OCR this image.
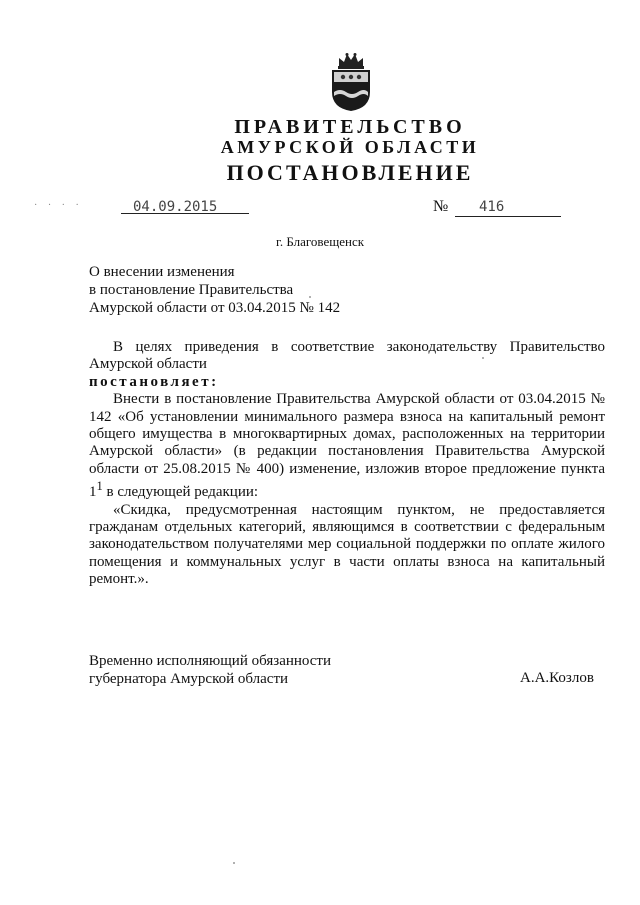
ПРАВИТЕЛЬСТВО
АМУРСКОЙ ОБЛАСТИ
ПОСТАНОВЛЕНИЕ
· · · ·	04.09.2015	№ 416
г. Благовещенск
О внесении изменения
в постановление Правительства
Амурской области от 03.04.2015 № 142

В целях приведения в соответствие законодательству Правительство Амурской области

постановляет:

Внести в постановление Правительства Амурской области от 03.04.2015 № 142 «Об установлении минимального размера взноса на капитальный ремонт общего имущества в многоквартирных домах, расположенных на территории Амурской области» (в редакции постановления Правительства Амурской области от 25.08.2015 № 400) изменение, изложив второе предложение пункта $1^1$ в следующей редакции:

«Скидка, предусмотренная настоящим пунктом, не предоставляется гражданам отдельных категорий, являющимся в соответствии с федеральным законодательством получателями мер социальной поддержки по оплате жилого помещения и коммунальных услуг в части оплаты взноса на капитальный ремонт.».

Временно исполняющий обязанности
губернатора Амурской области	А.А.Козлов
